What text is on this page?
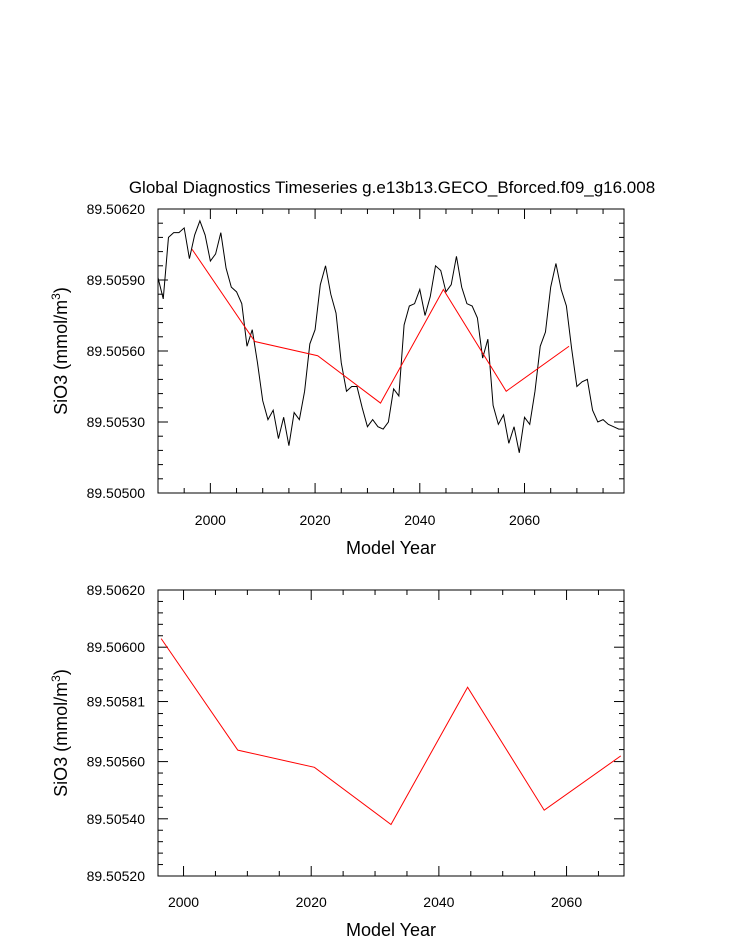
Global Diagnostics Timeseries g.e13b13.GECO_Bforced.f09_g16.008
2000	2020	2040	2060
89.50500
89.50530
89.50560
89.50590
89.50620
Model Year
SiO3 $(mmol/m^3)$
2000	2020	2040	2060
89.50520
89.50540
89.50560
89.50581
89.50600
89.50620
Model Year
SiO3 $(mmol/m^3)$
